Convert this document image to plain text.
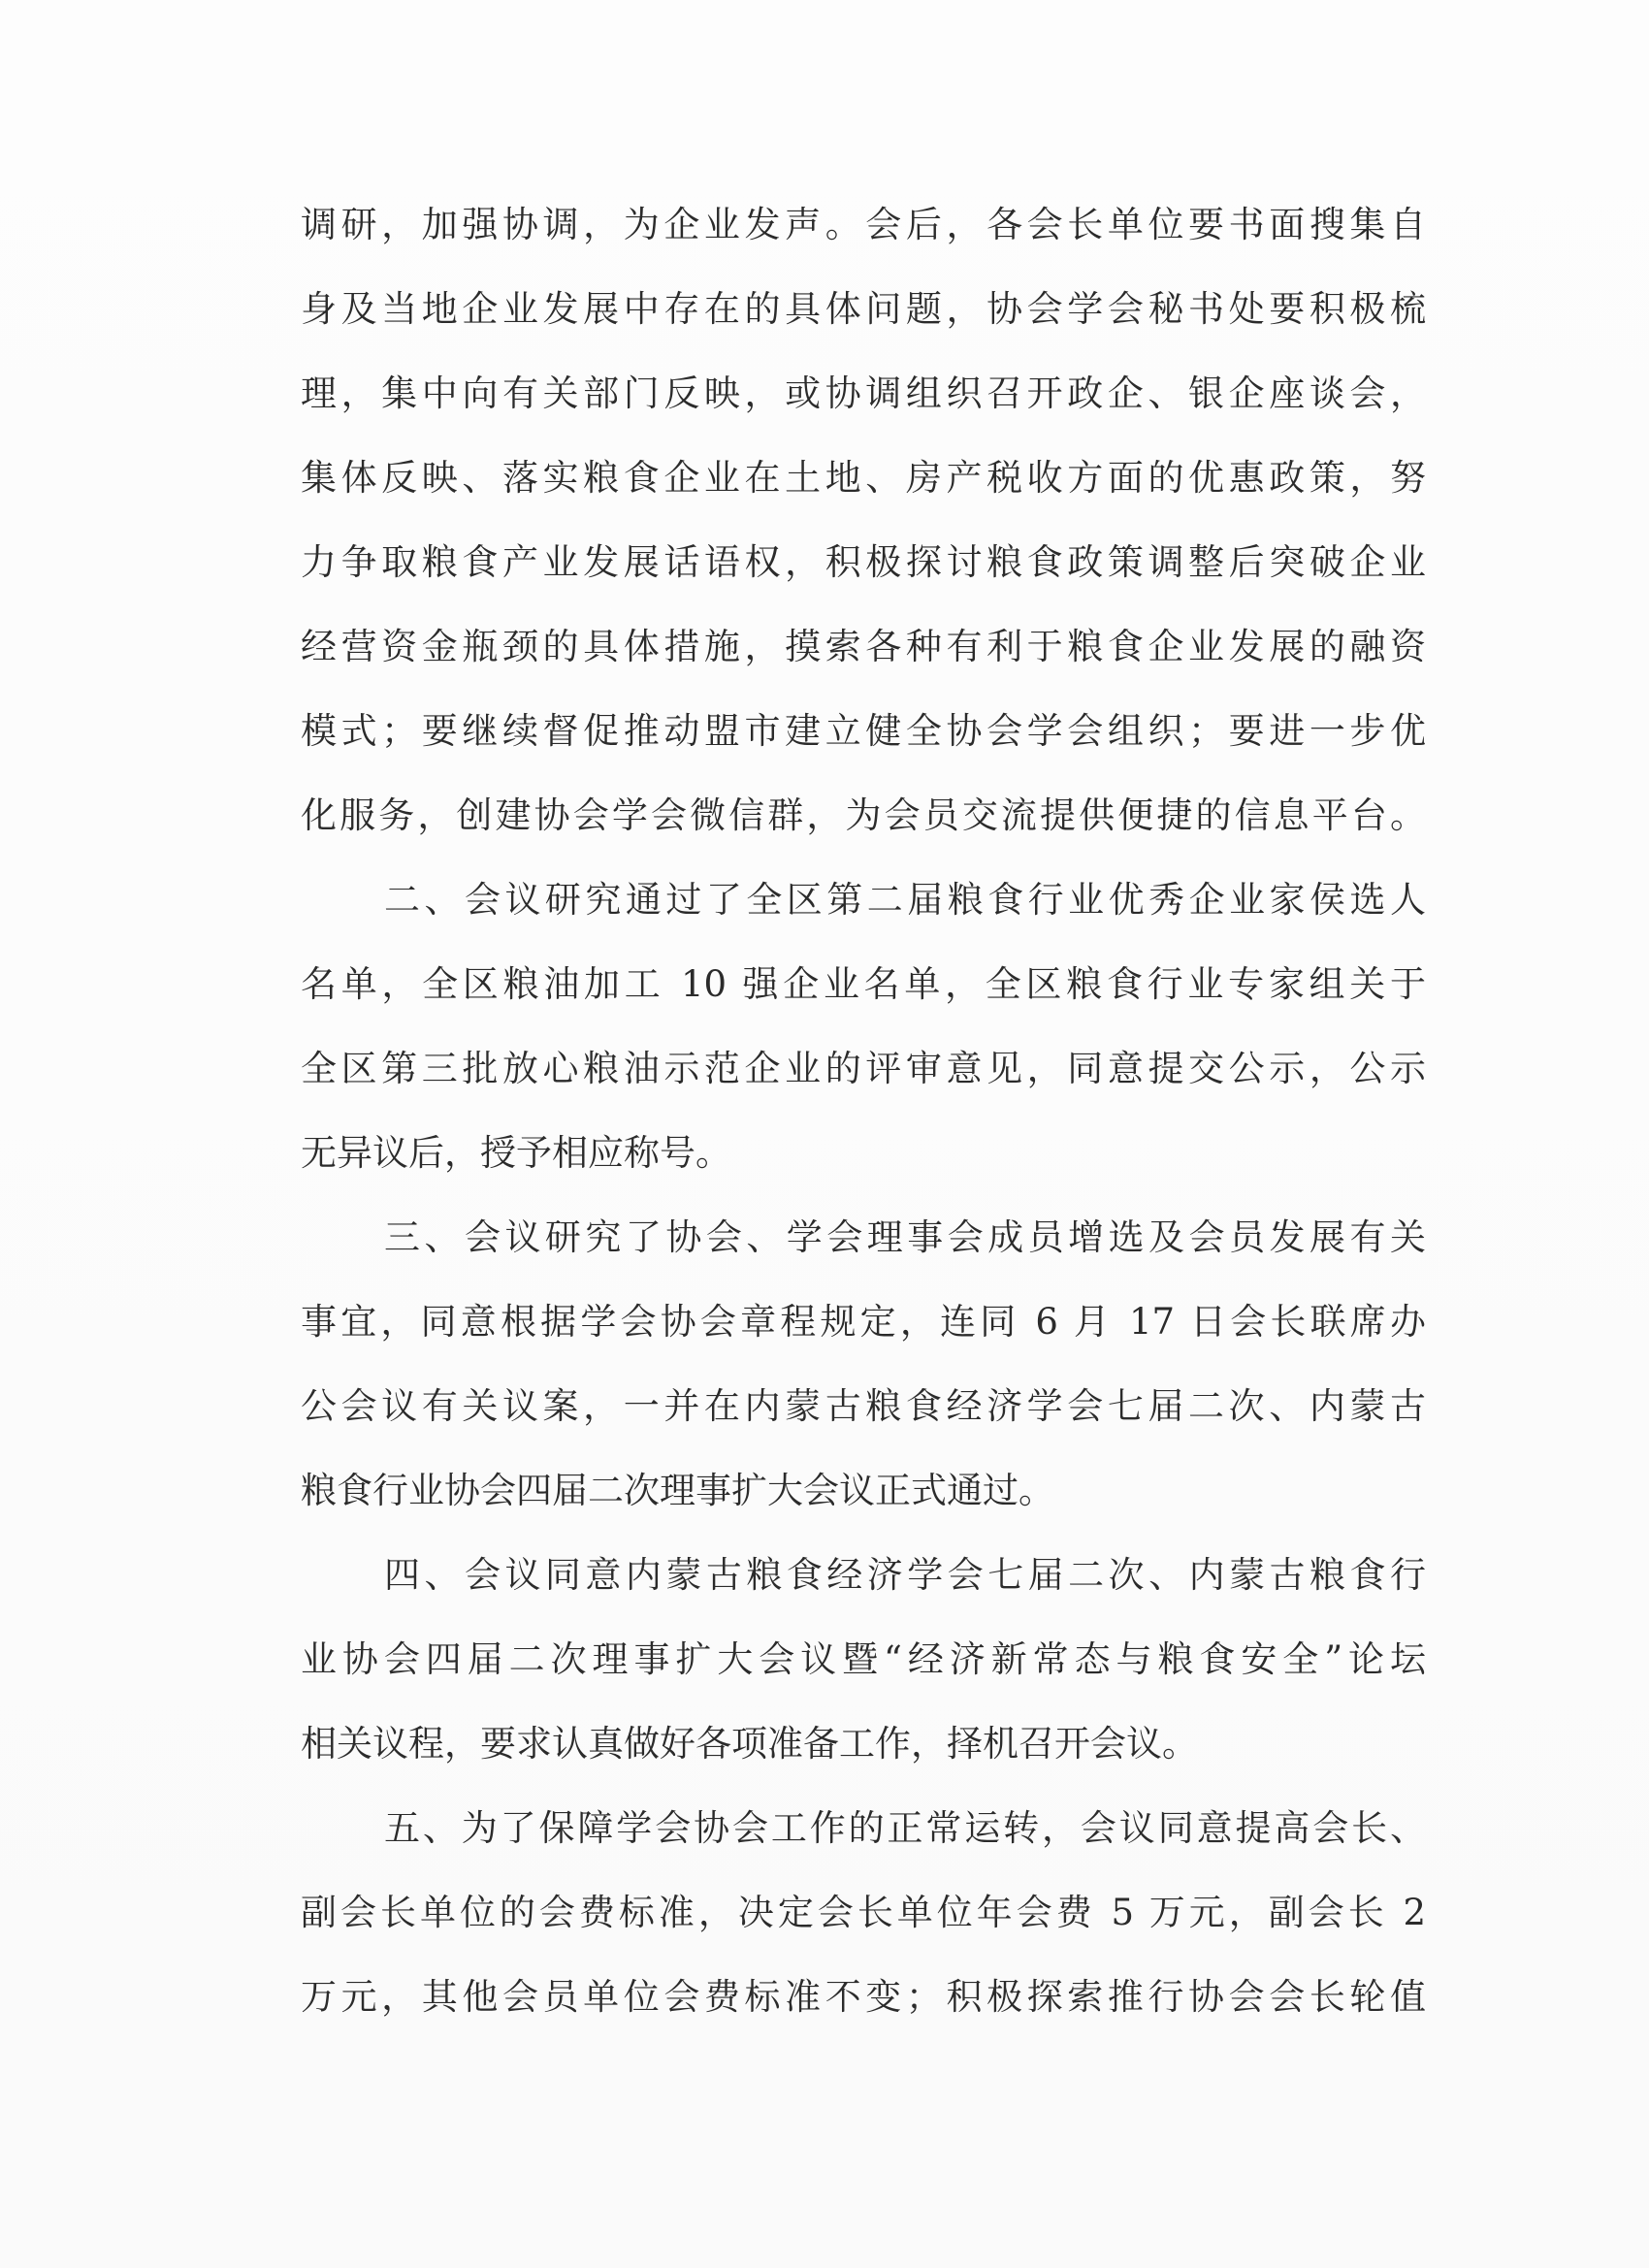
调研，加强协调，为企业发声。会后，各会长单位要书面搜集自
身及当地企业发展中存在的具体问题，协会学会秘书处要积极梳
理，集中向有关部门反映，或协调组织召开政企、银企座谈会，
集体反映、落实粮食企业在土地、房产税收方面的优惠政策，努
力争取粮食产业发展话语权，积极探讨粮食政策调整后突破企业
经营资金瓶颈的具体措施，摸索各种有利于粮食企业发展的融资
模式；要继续督促推动盟市建立健全协会学会组织；要进一步优
化服务，创建协会学会微信群，为会员交流提供便捷的信息平台。
二、会议研究通过了全区第二届粮食行业优秀企业家侯选人
名单，全区粮油加工 10 强企业名单，全区粮食行业专家组关于
全区第三批放心粮油示范企业的评审意见，同意提交公示，公示
无异议后，授予相应称号。
三、会议研究了协会、学会理事会成员增选及会员发展有关
事宜，同意根据学会协会章程规定，连同 6 月 17 日会长联席办
公会议有关议案，一并在内蒙古粮食经济学会七届二次、内蒙古
粮食行业协会四届二次理事扩大会议正式通过。
四、会议同意内蒙古粮食经济学会七届二次、内蒙古粮食行
业协会四届二次理事扩大会议暨“经济新常态与粮食安全”论坛
相关议程，要求认真做好各项准备工作，择机召开会议。
五、为了保障学会协会工作的正常运转，会议同意提高会长、
副会长单位的会费标准，决定会长单位年会费 5 万元，副会长 2
万元，其他会员单位会费标准不变；积极探索推行协会会长轮值
